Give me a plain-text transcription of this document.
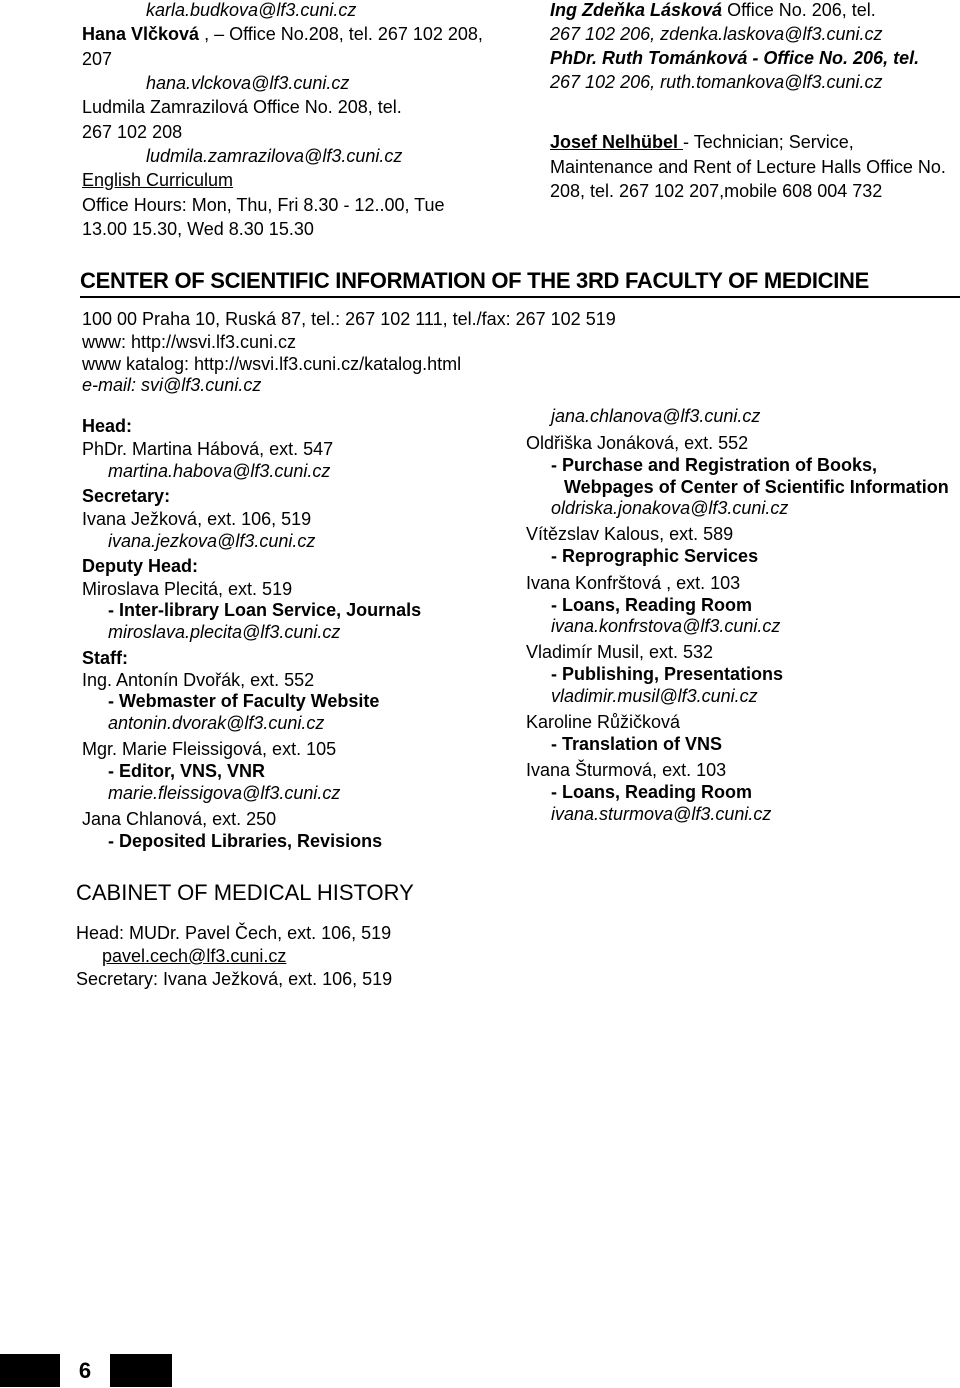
karla.budkova@lf3.cuni.cz
Hana Vlčková , – Office No.208, tel. 267 102 208,
207
hana.vlckova@lf3.cuni.cz
Ludmila Zamrazilová Office No. 208, tel.
267 102 208
ludmila.zamrazilova@lf3.cuni.cz
English Curriculum
Office Hours: Mon, Thu, Fri 8.30 - 12..00, Tue
13.00 15.30, Wed 8.30 15.30
Ing Zdeňka Lásková Office No. 206, tel.
267 102 206, zdenka.laskova@lf3.cuni.cz
PhDr. Ruth Tománková - Office No. 206, tel.
267 102 206, ruth.tomankova@lf3.cuni.cz
Josef Nelhübel - Technician; Service,
Maintenance and Rent of Lecture Halls Office No.
208, tel. 267 102 207,mobile 608 004 732
CENTER OF SCIENTIFIC INFORMATION OF THE 3RD FACULTY OF MEDICINE
100 00 Praha 10, Ruská 87, tel.: 267 102 111, tel./fax: 267 102 519
www: http://wsvi.lf3.cuni.cz
www katalog: http://wsvi.lf3.cuni.cz/katalog.html
e-mail: svi@lf3.cuni.cz
Head:
PhDr. Martina Hábová, ext. 547
martina.habova@lf3.cuni.cz
Secretary:
Ivana Ježková, ext. 106, 519
ivana.jezkova@lf3.cuni.cz
Deputy Head:
Miroslava Plecitá, ext. 519
- Inter-library Loan Service, Journals
miroslava.plecita@lf3.cuni.cz
Staff:
Ing. Antonín Dvořák, ext. 552
- Webmaster of Faculty Website
antonin.dvorak@lf3.cuni.cz
Mgr. Marie Fleissigová, ext. 105
- Editor, VNS, VNR
marie.fleissigova@lf3.cuni.cz
Jana Chlanová, ext. 250
- Deposited Libraries, Revisions
jana.chlanova@lf3.cuni.cz
Oldřiška Jonáková, ext. 552
- Purchase and Registration of Books,
Webpages of Center of Scientific Information
oldriska.jonakova@lf3.cuni.cz
Vítězslav Kalous, ext. 589
- Reprographic Services
Ivana Konfrštová , ext. 103
- Loans, Reading Room
ivana.konfrstova@lf3.cuni.cz
Vladimír Musil, ext. 532
- Publishing, Presentations
vladimir.musil@lf3.cuni.cz
Karoline Růžičková
- Translation of VNS
Ivana Šturmová, ext. 103
- Loans, Reading Room
ivana.sturmova@lf3.cuni.cz
CABINET OF MEDICAL HISTORY
Head: MUDr. Pavel Čech, ext. 106, 519
pavel.cech@lf3.cuni.cz
Secretary: Ivana Ježková, ext. 106, 519
6
